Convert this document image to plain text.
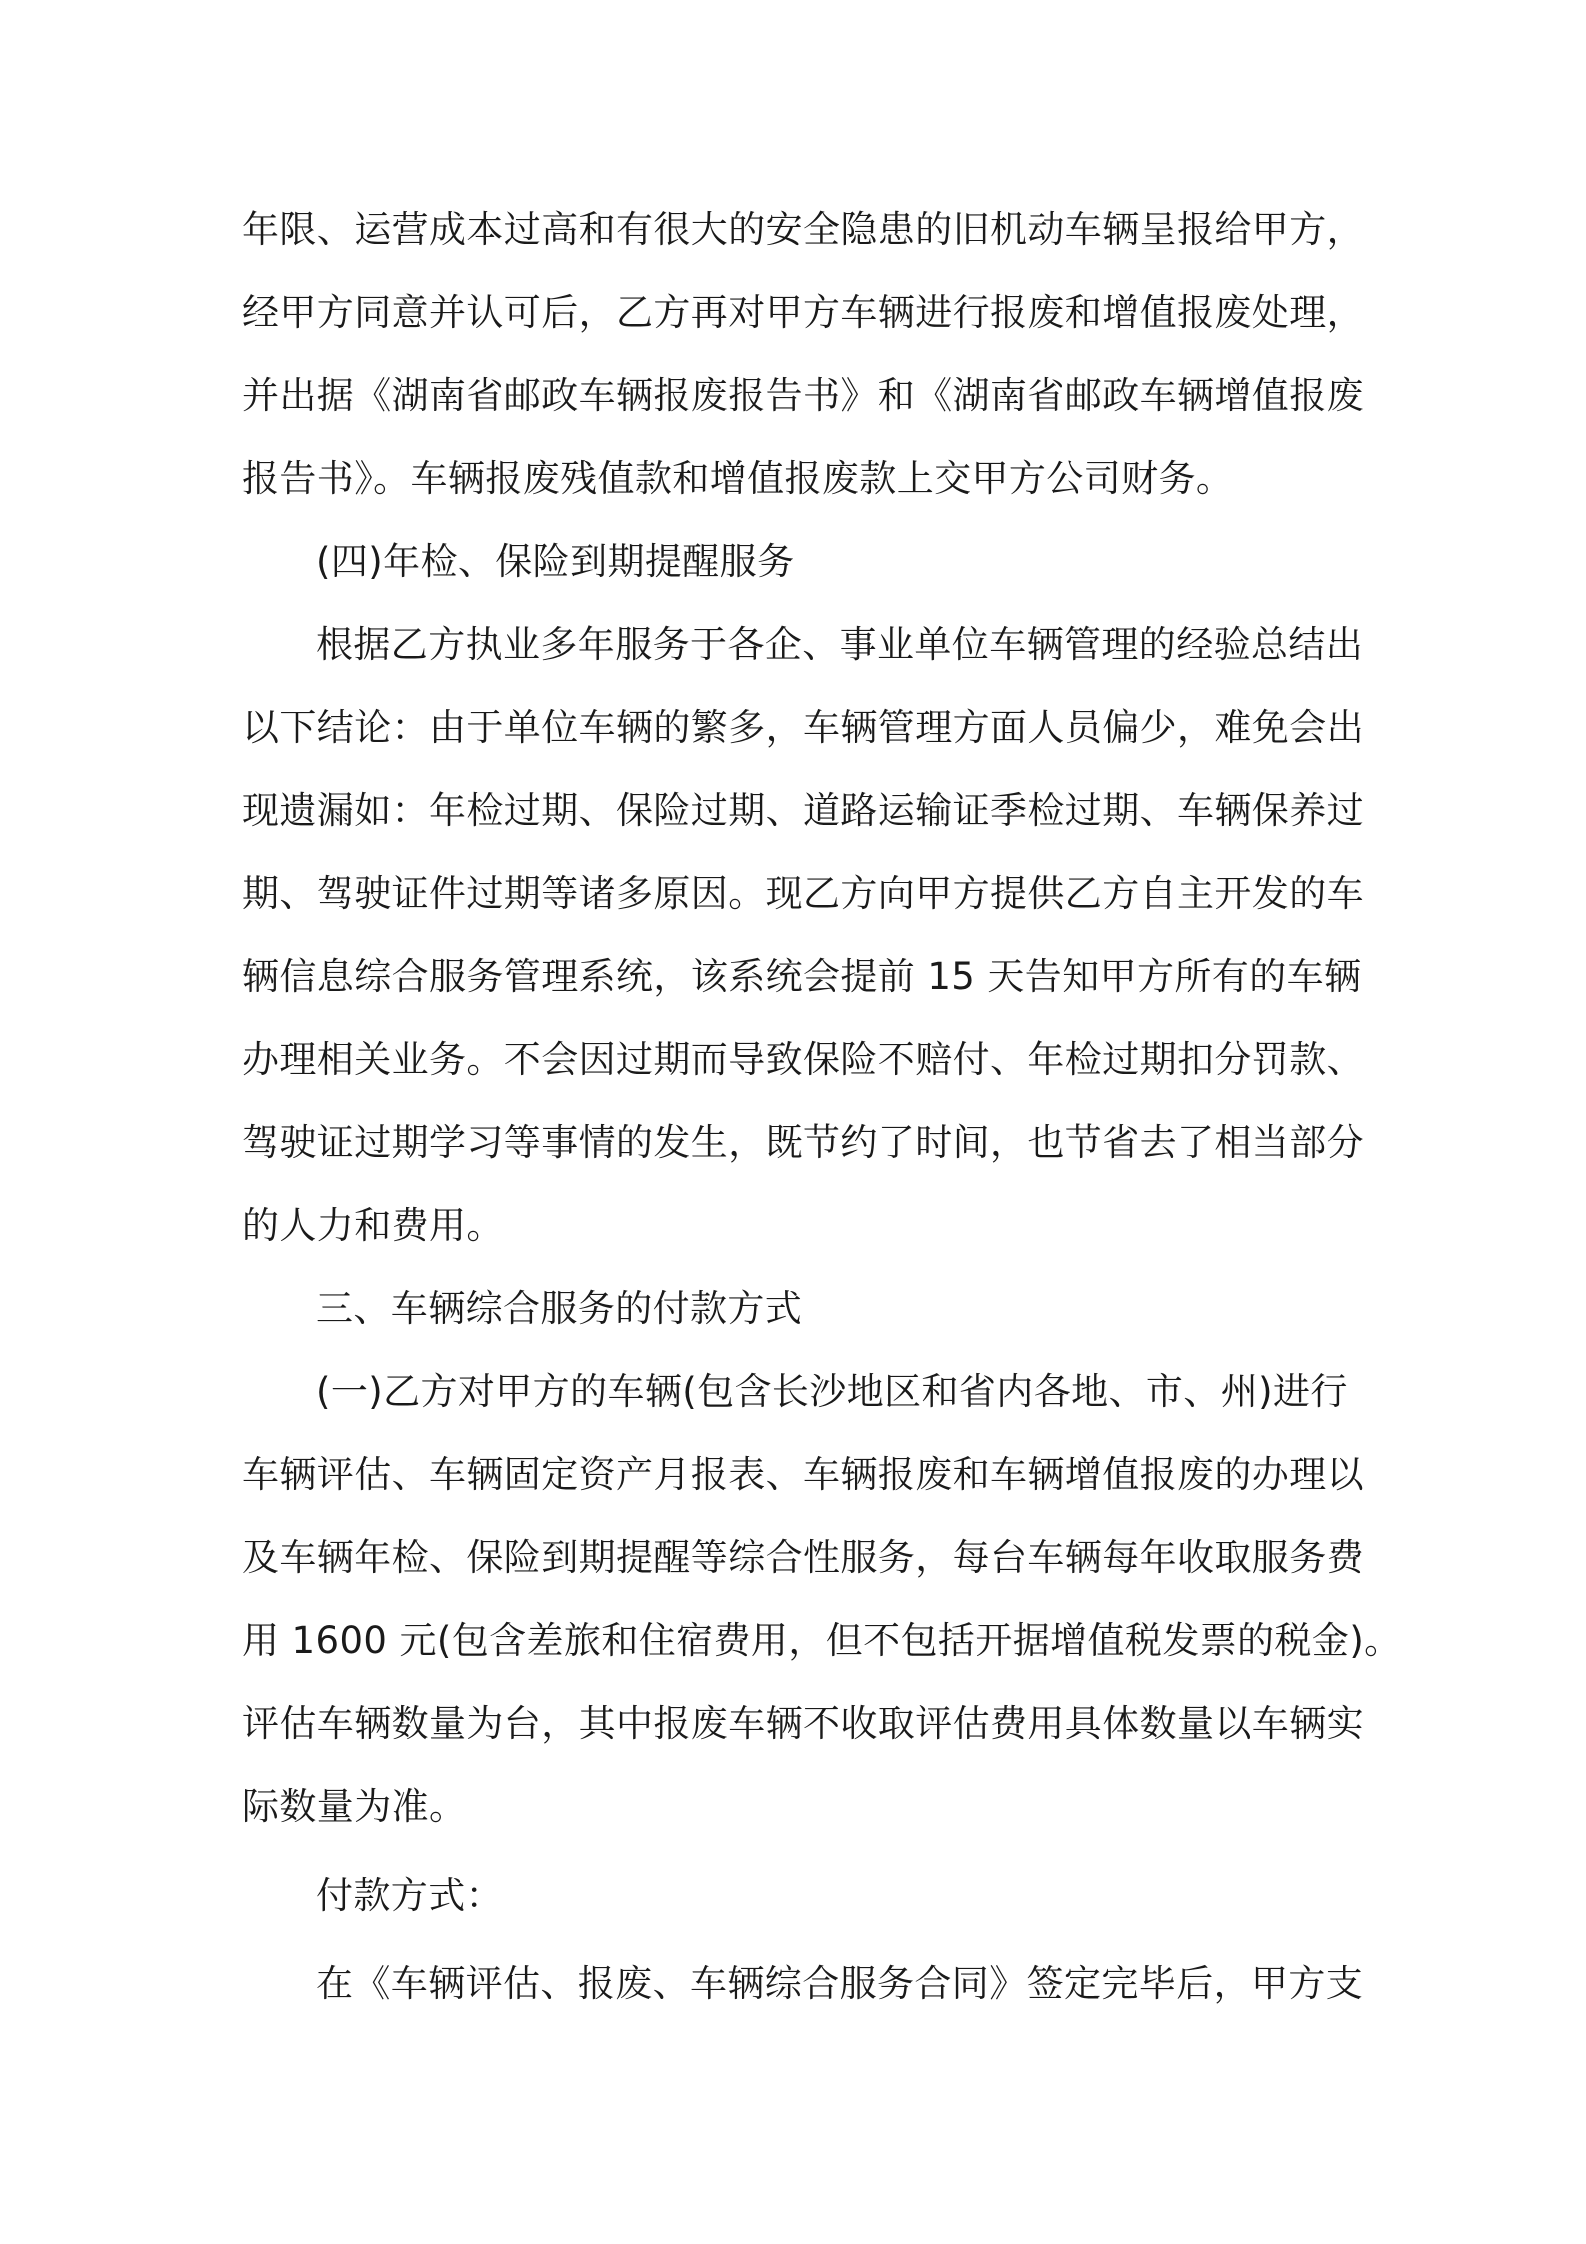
年限、运营成本过高和有很大的安全隐患的旧机动车辆呈报给甲方，
经甲方同意并认可后，乙方再对甲方车辆进行报废和增值报废处理，
并出据《湖南省邮政车辆报废报告书》和《湖南省邮政车辆增值报废
报告书》。车辆报废残值款和增值报废款上交甲方公司财务。
(四)年检、保险到期提醒服务
根据乙方执业多年服务于各企、事业单位车辆管理的经验总结出
以下结论：由于单位车辆的繁多，车辆管理方面人员偏少，难免会出
现遗漏如：年检过期、保险过期、道路运输证季检过期、车辆保养过
期、驾驶证件过期等诸多原因。现乙方向甲方提供乙方自主开发的车
辆信息综合服务管理系统，该系统会提前 15 天告知甲方所有的车辆
办理相关业务。不会因过期而导致保险不赔付、年检过期扣分罚款、
驾驶证过期学习等事情的发生，既节约了时间，也节省去了相当部分
的人力和费用。
三、车辆综合服务的付款方式
(一)乙方对甲方的车辆(包含长沙地区和省内各地、市、州)进行
车辆评估、车辆固定资产月报表、车辆报废和车辆增值报废的办理以
及车辆年检、保险到期提醒等综合性服务，每台车辆每年收取服务费
用 1600 元(包含差旅和住宿费用，但不包括开据增值税发票的税金)。
评估车辆数量为台，其中报废车辆不收取评估费用具体数量以车辆实
际数量为准。
付款方式：
在《车辆评估、报废、车辆综合服务合同》签定完毕后，甲方支
